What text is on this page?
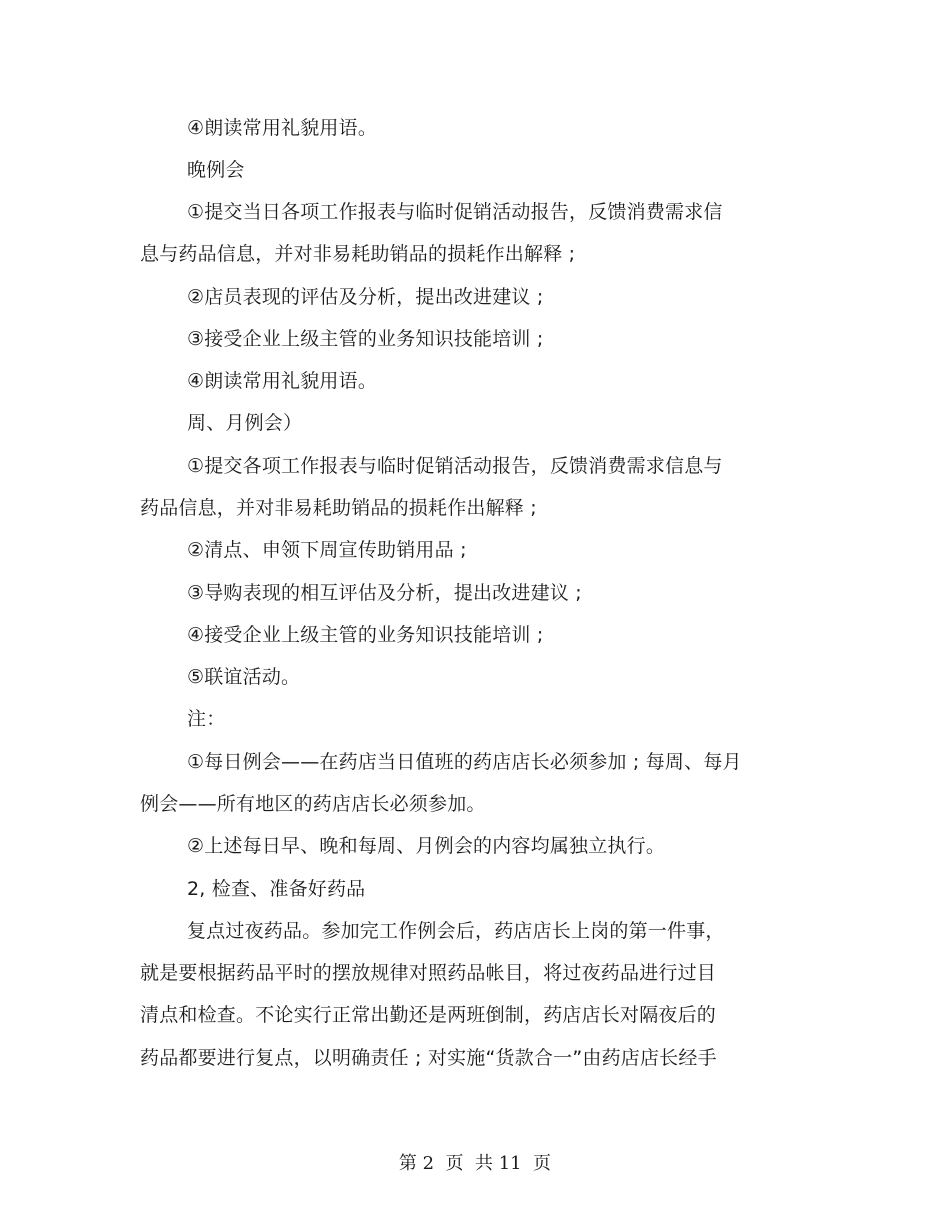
④朗读常用礼貌用语。
晚例会
①提交当日各项工作报表与临时促销活动报告，反馈消费需求信
息与药品信息，并对非易耗助销品的损耗作出解释 ;
②店员表现的评估及分析，提出改进建议 ;
③接受企业上级主管的业务知识技能培训 ;
④朗读常用礼貌用语。
周、月例会）
①提交各项工作报表与临时促销活动报告，反馈消费需求信息与
药品信息，并对非易耗助销品的损耗作出解释 ;
②清点、申领下周宣传助销用品 ;
③导购表现的相互评估及分析，提出改进建议 ;
④接受企业上级主管的业务知识技能培训 ;
⑤联谊活动。
注：
①每日例会——在药店当日值班的药店店长必须参加 ; 每周、每月
例会——所有地区的药店店长必须参加。
②上述每日早、晚和每周、月例会的内容均属独立执行。
2, 检查、准备好药品
复点过夜药品。参加完工作例会后，药店店长上岗的第一件事，
就是要根据药品平时的摆放规律对照药品帐目，将过夜药品进行过目
清点和检查。不论实行正常出勤还是两班倒制，药店店长对隔夜后的
药品都要进行复点，以明确责任 ; 对实施“货款合一”由药店店长经手
第 2  页  共 11  页
